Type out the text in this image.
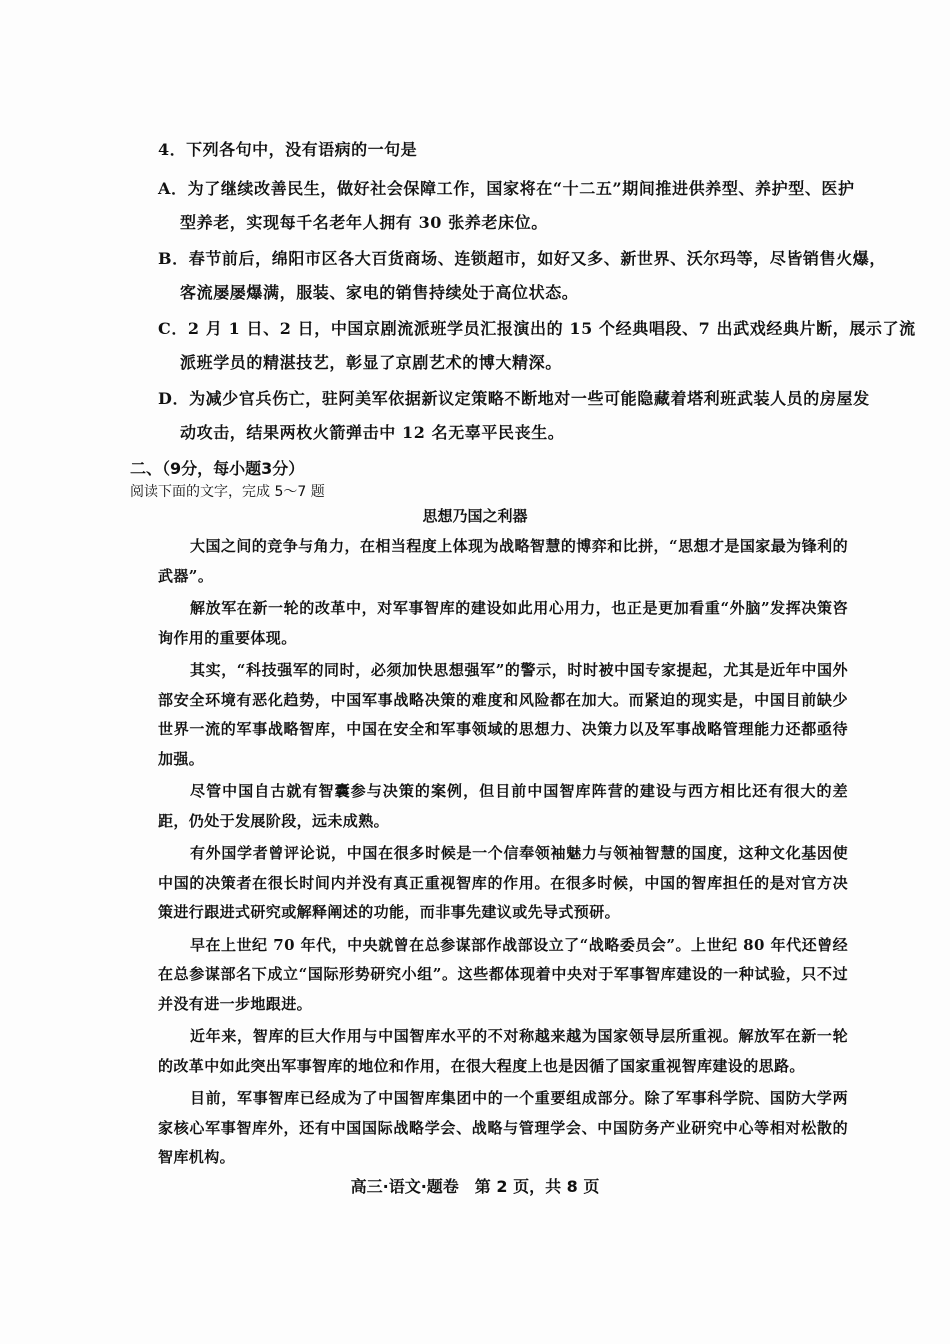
4．下列各句中，没有语病的一句是

A．为了继续改善民生，做好社会保障工作，国家将在“十二五”期间推进供养型、养护型、医护
型养老，实现每千名老年人拥有 30 张养老床位。

B．春节前后，绵阳市区各大百货商场、连锁超市，如好又多、新世界、沃尔玛等，尽皆销售火爆，
客流屡屡爆满，服装、家电的销售持续处于高位状态。

C．2 月 1 日、2 日，中国京剧流派班学员汇报演出的 15 个经典唱段、7 出武戏经典片断，展示了流
派班学员的精湛技艺，彰显了京剧艺术的博大精深。

D．为减少官兵伤亡，驻阿美军依据新议定策略不断地对一些可能隐藏着塔利班武装人员的房屋发
动攻击，结果两枚火箭弹击中 12 名无辜平民丧生。

二、（9分，每小题3分）
阅读下面的文字，完成 5～7 题
思想乃国之利器

大国之间的竞争与角力，在相当程度上体现为战略智慧的博弈和比拼，“思想才是国家最为锋利的武器”。

解放军在新一轮的改革中，对军事智库的建设如此用心用力，也正是更加看重“外脑”发挥决策咨询作用的重要体现。

其实，“科技强军的同时，必须加快思想强军”的警示，时时被中国专家提起，尤其是近年中国外部安全环境有恶化趋势，中国军事战略决策的难度和风险都在加大。而紧迫的现实是，中国目前缺少世界一流的军事战略智库，中国在安全和军事领域的思想力、决策力以及军事战略管理能力还都亟待加强。

尽管中国自古就有智囊参与决策的案例，但目前中国智库阵营的建设与西方相比还有很大的差距，仍处于发展阶段，远未成熟。

有外国学者曾评论说，中国在很多时候是一个信奉领袖魅力与领袖智慧的国度，这种文化基因使中国的决策者在很长时间内并没有真正重视智库的作用。在很多时候，中国的智库担任的是对官方决策进行跟进式研究或解释阐述的功能，而非事先建议或先导式预研。

早在上世纪 70 年代，中央就曾在总参谋部作战部设立了“战略委员会”。上世纪 80 年代还曾经在总参谋部名下成立“国际形势研究小组”。这些都体现着中央对于军事智库建设的一种试验，只不过并没有进一步地跟进。

近年来，智库的巨大作用与中国智库水平的不对称越来越为国家领导层所重视。解放军在新一轮的改革中如此突出军事智库的地位和作用，在很大程度上也是因循了国家重视智库建设的思路。

目前，军事智库已经成为了中国智库集团中的一个重要组成部分。除了军事科学院、国防大学两家核心军事智库外，还有中国国际战略学会、战略与管理学会、中国防务产业研究中心等相对松散的智库机构。

高三·语文·题卷　第 2 页，共 8 页
